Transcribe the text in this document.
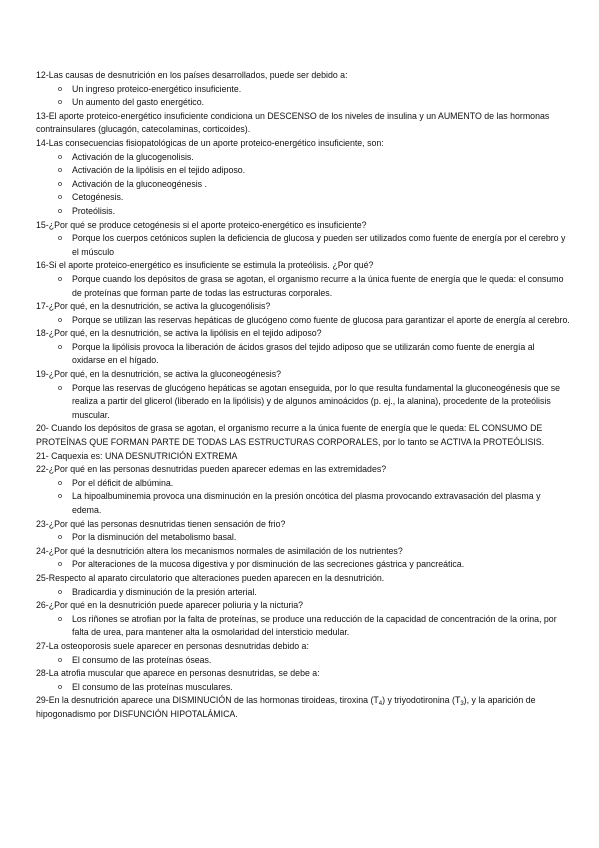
12-Las causas de desnutrición en los países desarrollados, puede ser debido a:

o Un ingreso proteico-energético insuficiente.
o Un aumento del gasto energético.

13-El aporte proteico-energético insuficiente condiciona un DESCENSO de los niveles de insulina y un AUMENTO de las hormonas contrainsulares (glucagón, catecolaminas, corticoides).

14-Las consecuencias fisiopatológicas de un aporte proteico-energético insuficiente, son:

o Activación de la glucogenolisis.
o Activación de la lipólisis en el tejido adiposo.
o Activación de la gluconeogénesis .
o Cetogénesis.
o Proteólisis.

15-¿Por qué se produce cetogénesis si el aporte proteico-energético es insuficiente?

o Porque los cuerpos cetónicos suplen la deficiencia de glucosa y pueden ser utilizados como fuente de energía por el cerebro y el músculo

16-Si el aporte proteico-energético es insuficiente se estimula la proteólisis. ¿Por qué?

o Porque cuando los depósitos de grasa se agotan, el organismo recurre a la única fuente de energía que le queda: el consumo de proteínas que forman parte de todas las estructuras corporales.

17-¿Por qué, en la desnutrición, se activa la glucogenólisis?

o Porque se utilizan las reservas hepáticas de glucógeno como fuente de glucosa para garantizar el aporte de energía al cerebro.

18-¿Por qué, en la desnutrición, se activa la lipólisis en el tejido adiposo?

o Porque la lipólisis provoca la liberación de ácidos grasos del tejido adiposo que se utilizarán como fuente de energía al oxidarse en el hígado.

19-¿Por qué, en la desnutrición, se activa la gluconeogénesis?

o Porque las reservas de glucógeno hepáticas se agotan enseguida, por lo que resulta fundamental la gluconeogénesis que se realiza a partir del glicerol (liberado en la lipólisis) y de algunos aminoácidos (p. ej., la alanina), procedente de la proteólisis muscular.

20- Cuando los depósitos de grasa se agotan, el organismo recurre a la única fuente de energía que le queda: EL CONSUMO DE PROTEÍNAS QUE FORMAN PARTE DE TODAS LAS ESTRUCTURAS CORPORALES, por lo tanto se ACTIVA la PROTEÓLISIS.

21- Caquexia es: UNA DESNUTRICIÓN EXTREMA

22-¿Por qué en las personas desnutridas pueden aparecer edemas en las extremidades?

o Por el déficit de albúmina.
o La hipoalbuminemia provoca una disminución en la presión oncótica del plasma provocando extravasación del plasma y edema.

23-¿Por qué las personas desnutridas tienen sensación de frio?

o Por la disminución del metabolismo basal.

24-¿Por qué la desnutrición altera los mecanismos normales de asimilación de los nutrientes?

o Por alteraciones de la mucosa digestiva y por disminución de las secreciones gástrica y pancreática.

25-Respecto al aparato circulatorio que alteraciones pueden aparecen en la desnutrición.

o Bradicardia y disminución de la presión arterial.

26-¿Por qué en la desnutrición puede aparecer poliuria y la nicturia?

o Los riñones se atrofian por la falta de proteínas, se produce una reducción de la capacidad de concentración de la orina, por falta de urea, para mantener alta la osmolaridad del intersticio medular.

27-La osteoporosis suele aparecer en personas desnutridas debido a:

o El consumo de las proteínas óseas.

28-La atrofia muscular que aparece en personas desnutridas, se debe a:

o El consumo de las proteínas musculares.

29-En la desnutrición aparece una DISMINUCIÓN de las hormonas tiroideas, tiroxina $(T_4)$ y triyodotironina $(T_3)$, y la aparición de hipogonadismo por DISFUNCIÓN HIPOTALÁMICA.
